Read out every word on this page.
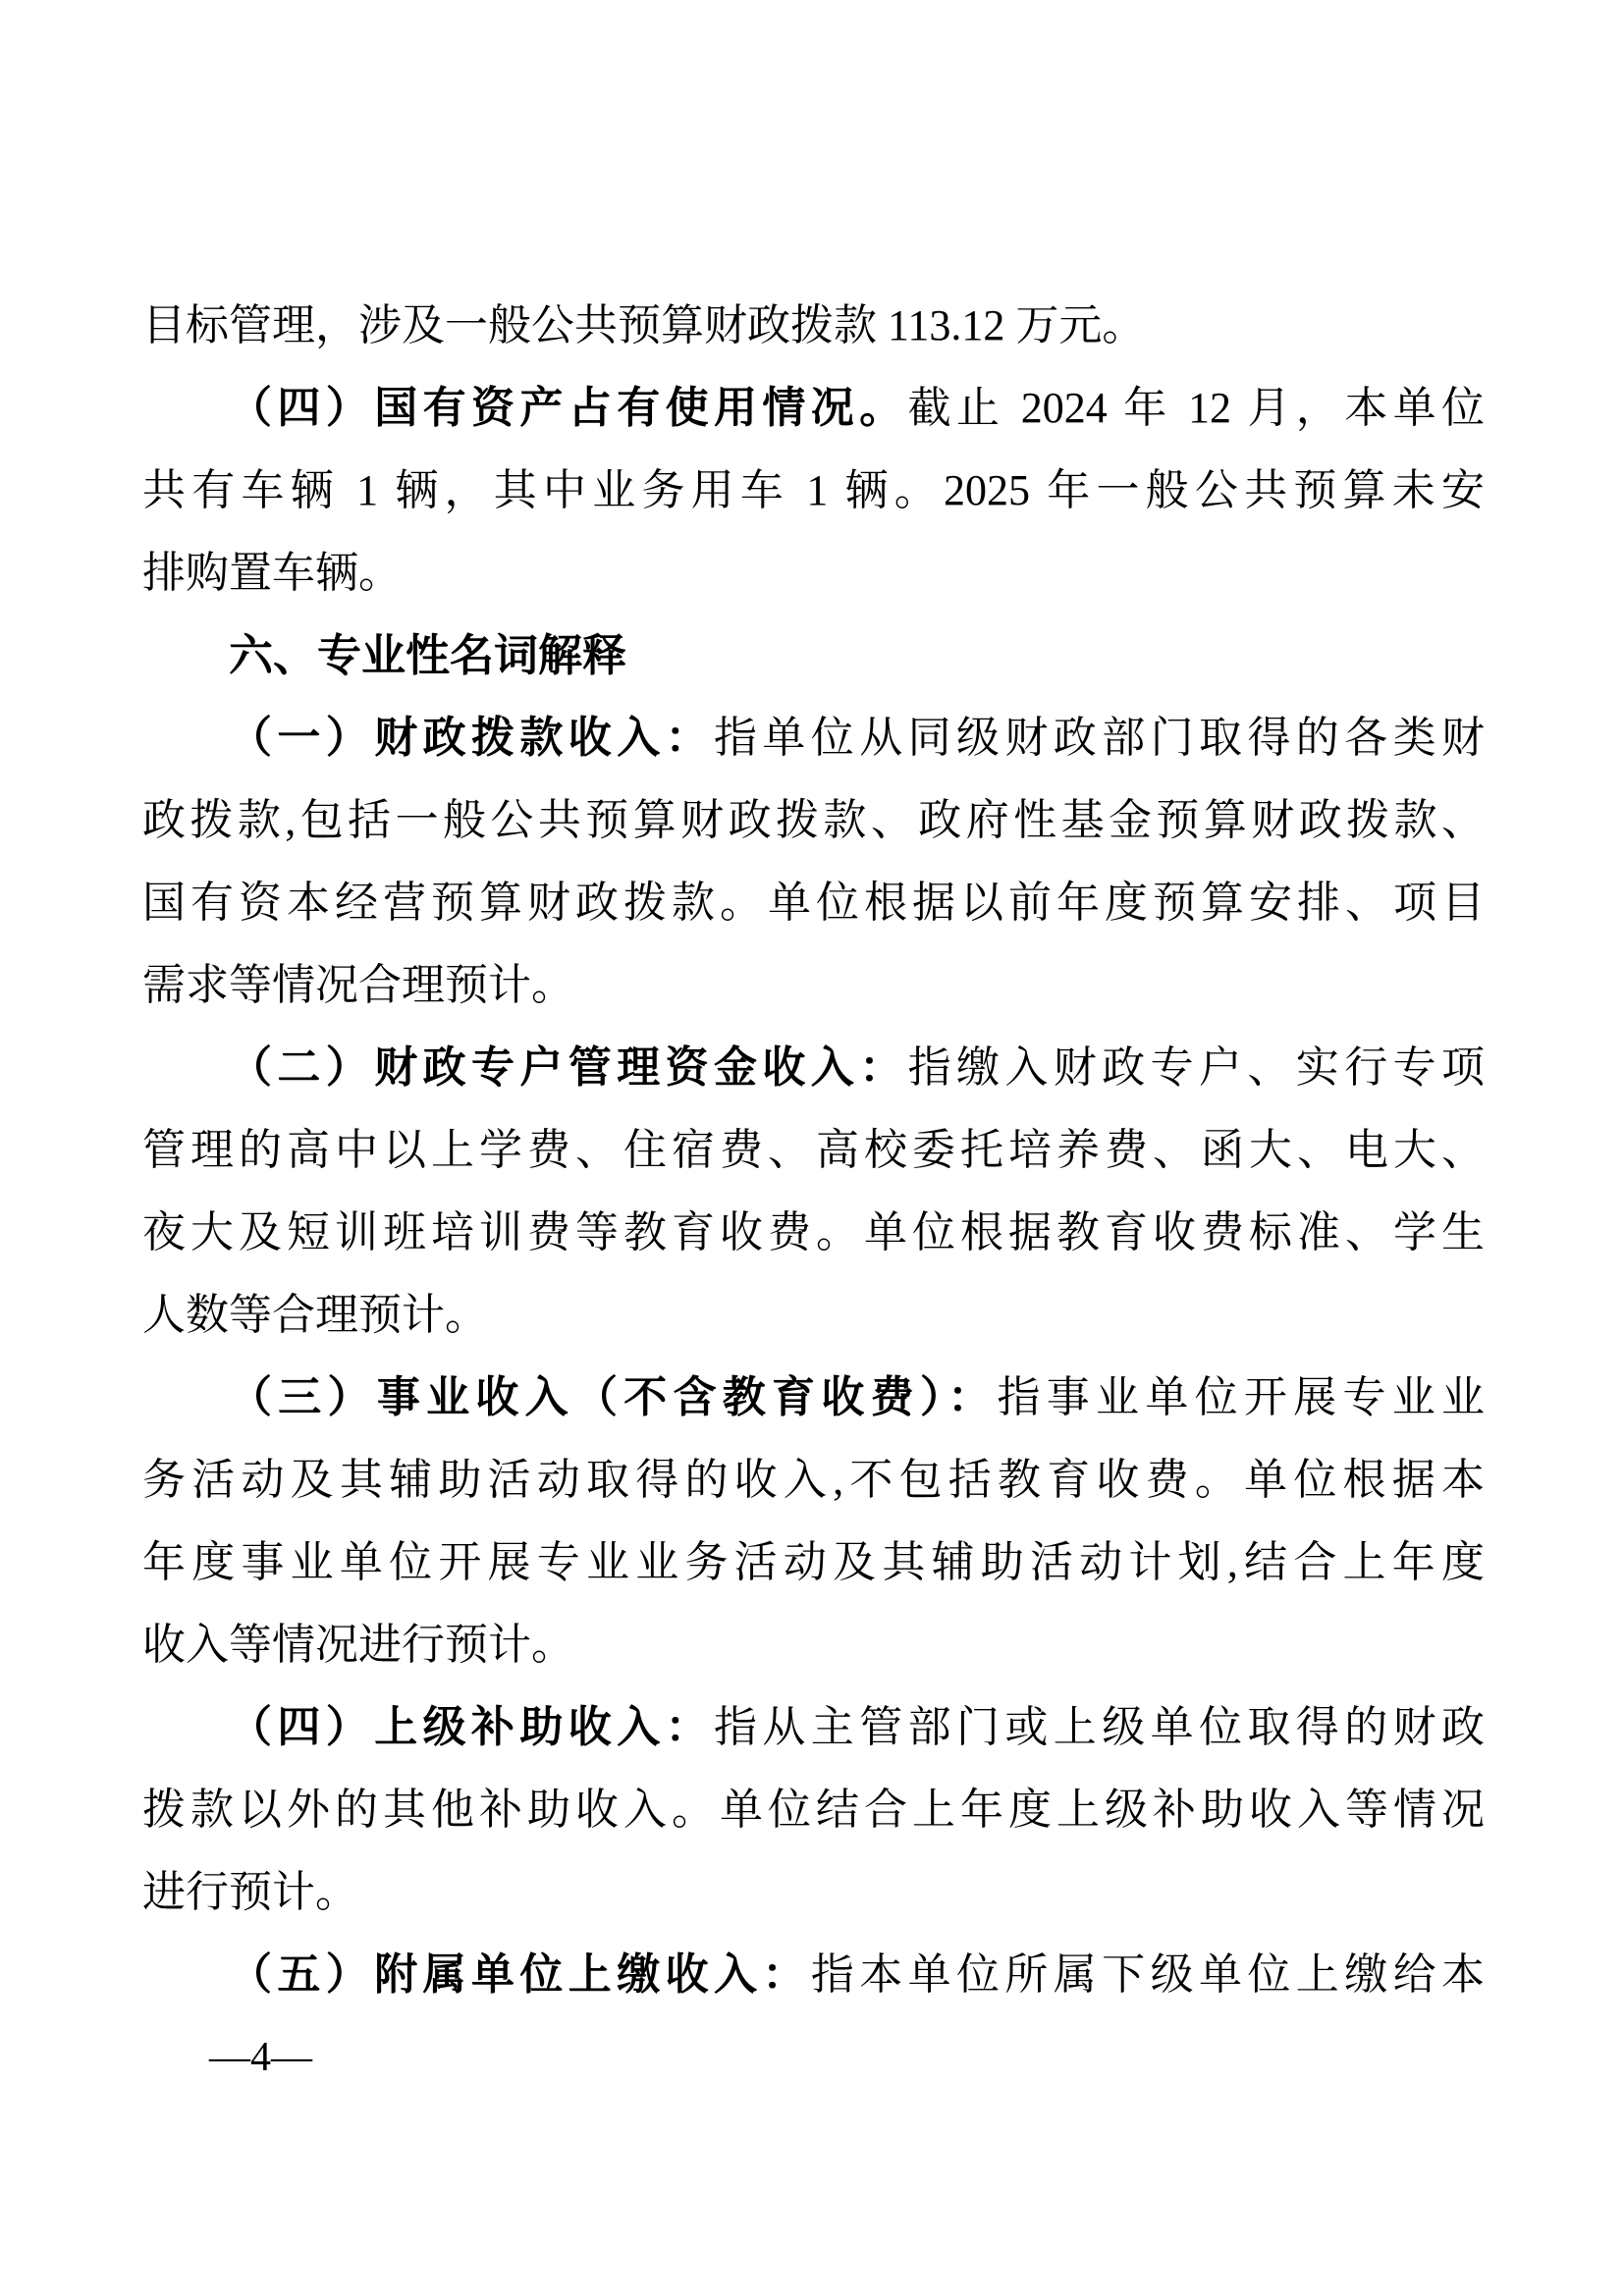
目标管理，涉及一般公共预算财政拨款 113.12 万元。
（四）国有资产占有使用情况。截止 2024 年 12 月，本单位
共有车辆 1 辆，其中业务用车 1 辆。2025 年一般公共预算未安
排购置车辆。
六、专业性名词解释
（一）财政拨款收入：指单位从同级财政部门取得的各类财
政拨款,包括一般公共预算财政拨款、政府性基金预算财政拨款、
国有资本经营预算财政拨款。单位根据以前年度预算安排、项目
需求等情况合理预计。
（二）财政专户管理资金收入：指缴入财政专户、实行专项
管理的高中以上学费、住宿费、高校委托培养费、函大、电大、
夜大及短训班培训费等教育收费。单位根据教育收费标准、学生
人数等合理预计。
（三）事业收入（不含教育收费）：指事业单位开展专业业
务活动及其辅助活动取得的收入,不包括教育收费。单位根据本
年度事业单位开展专业业务活动及其辅助活动计划,结合上年度
收入等情况进行预计。
（四）上级补助收入：指从主管部门或上级单位取得的财政
拨款以外的其他补助收入。单位结合上年度上级补助收入等情况
进行预计。
（五）附属单位上缴收入：指本单位所属下级单位上缴给本
—4—
